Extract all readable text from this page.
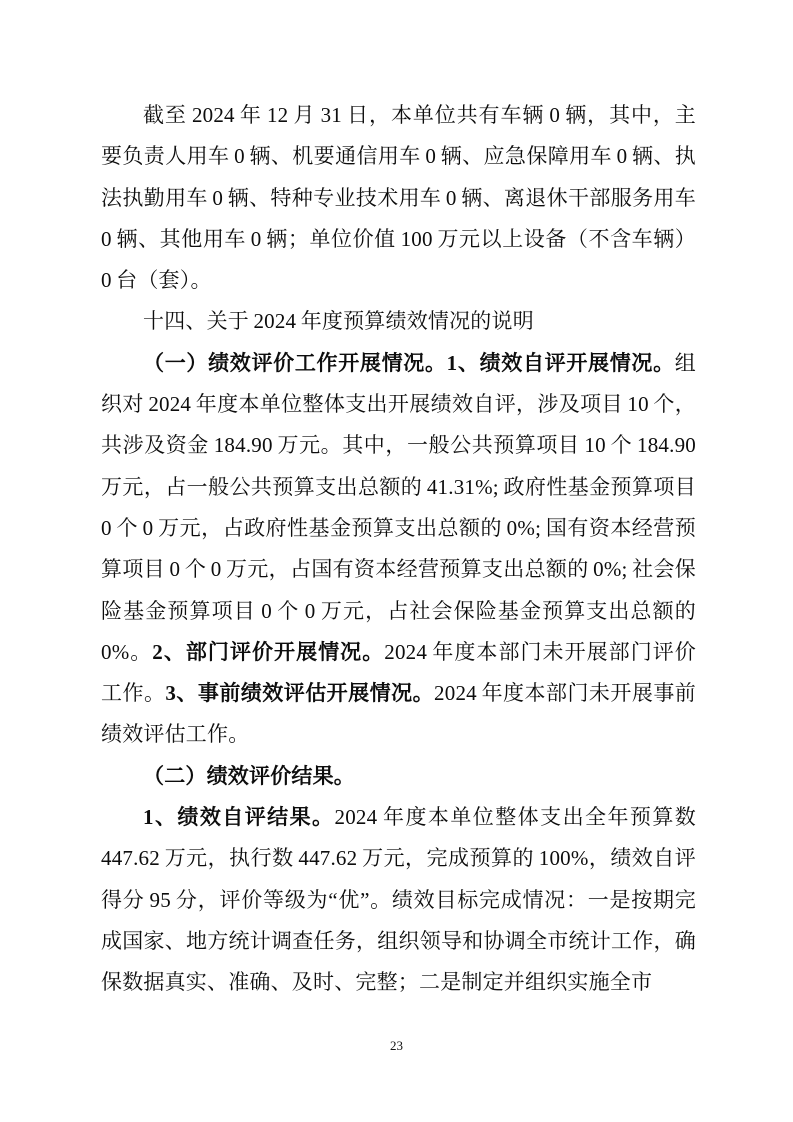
截至 2024 年 12 月 31 日，本单位共有车辆 0 辆，其中，主要负责人用车 0 辆、机要通信用车 0 辆、应急保障用车 0 辆、执法执勤用车 0 辆、特种专业技术用车 0 辆、离退休干部服务用车 0 辆、其他用车 0 辆；单位价值 100 万元以上设备（不含车辆）0 台（套）。

十四、关于 2024 年度预算绩效情况的说明

（一）绩效评价工作开展情况。1、绩效自评开展情况。组织对 2024 年度本单位整体支出开展绩效自评，涉及项目 10 个，共涉及资金 184.90 万元。其中，一般公共预算项目 10 个 184.90 万元，占一般公共预算支出总额的 41.31%; 政府性基金预算项目 0 个 0 万元，占政府性基金预算支出总额的 0%; 国有资本经营预算项目 0 个 0 万元，占国有资本经营预算支出总额的 0%; 社会保险基金预算项目 0 个 0 万元，占社会保险基金预算支出总额的 0%。2、部门评价开展情况。2024 年度本部门未开展部门评价工作。3、事前绩效评估开展情况。2024 年度本部门未开展事前绩效评估工作。

（二）绩效评价结果。

1、绩效自评结果。2024 年度本单位整体支出全年预算数 447.62 万元，执行数 447.62 万元，完成预算的 100%，绩效自评得分 95 分，评价等级为“优”。绩效目标完成情况：一是按期完成国家、地方统计调查任务，组织领导和协调全市统计工作，确保数据真实、准确、及时、完整；二是制定并组织实施全市

23
